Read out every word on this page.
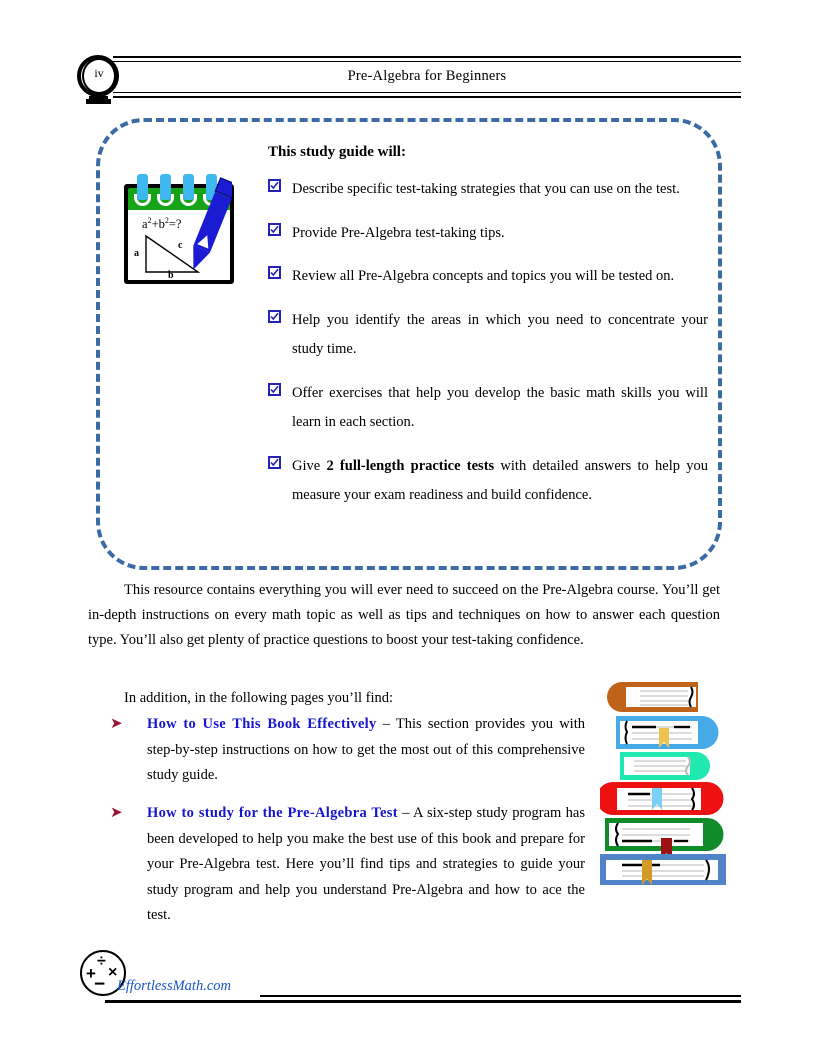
iv	Pre-Algebra for Beginners
$a^2+b^2=$?
a
b
c
This study guide will:
Describe specific test-taking strategies that you can use on the test.
Provide Pre-Algebra test-taking tips.
Review all Pre-Algebra concepts and topics you will be tested on.
Help you identify the areas in which you need to concentrate your study time.
Offer exercises that help you develop the basic math skills you will learn in each section.
Give 2 full-length practice tests with detailed answers to help you measure your exam readiness and build confidence.
This resource contains everything you will ever need to succeed on the Pre-Algebra course. You’ll get in-depth instructions on every math topic as well as tips and techniques on how to answer each question type. You’ll also get plenty of practice questions to boost your test-taking confidence.
In addition, in the following pages you’ll find:
➤ How to Use This Book Effectively – This section provides you with step-by-step instructions on how to get the most out of this comprehensive study guide.
➤ How to study for the Pre-Algebra Test – A six-step study program has been developed to help you make the best use of this book and prepare for your Pre-Algebra test. Here you’ll find tips and strategies to guide your study program and help you understand Pre-Algebra and how to ace the test.
+
÷
×
− EffortlessMath.com
